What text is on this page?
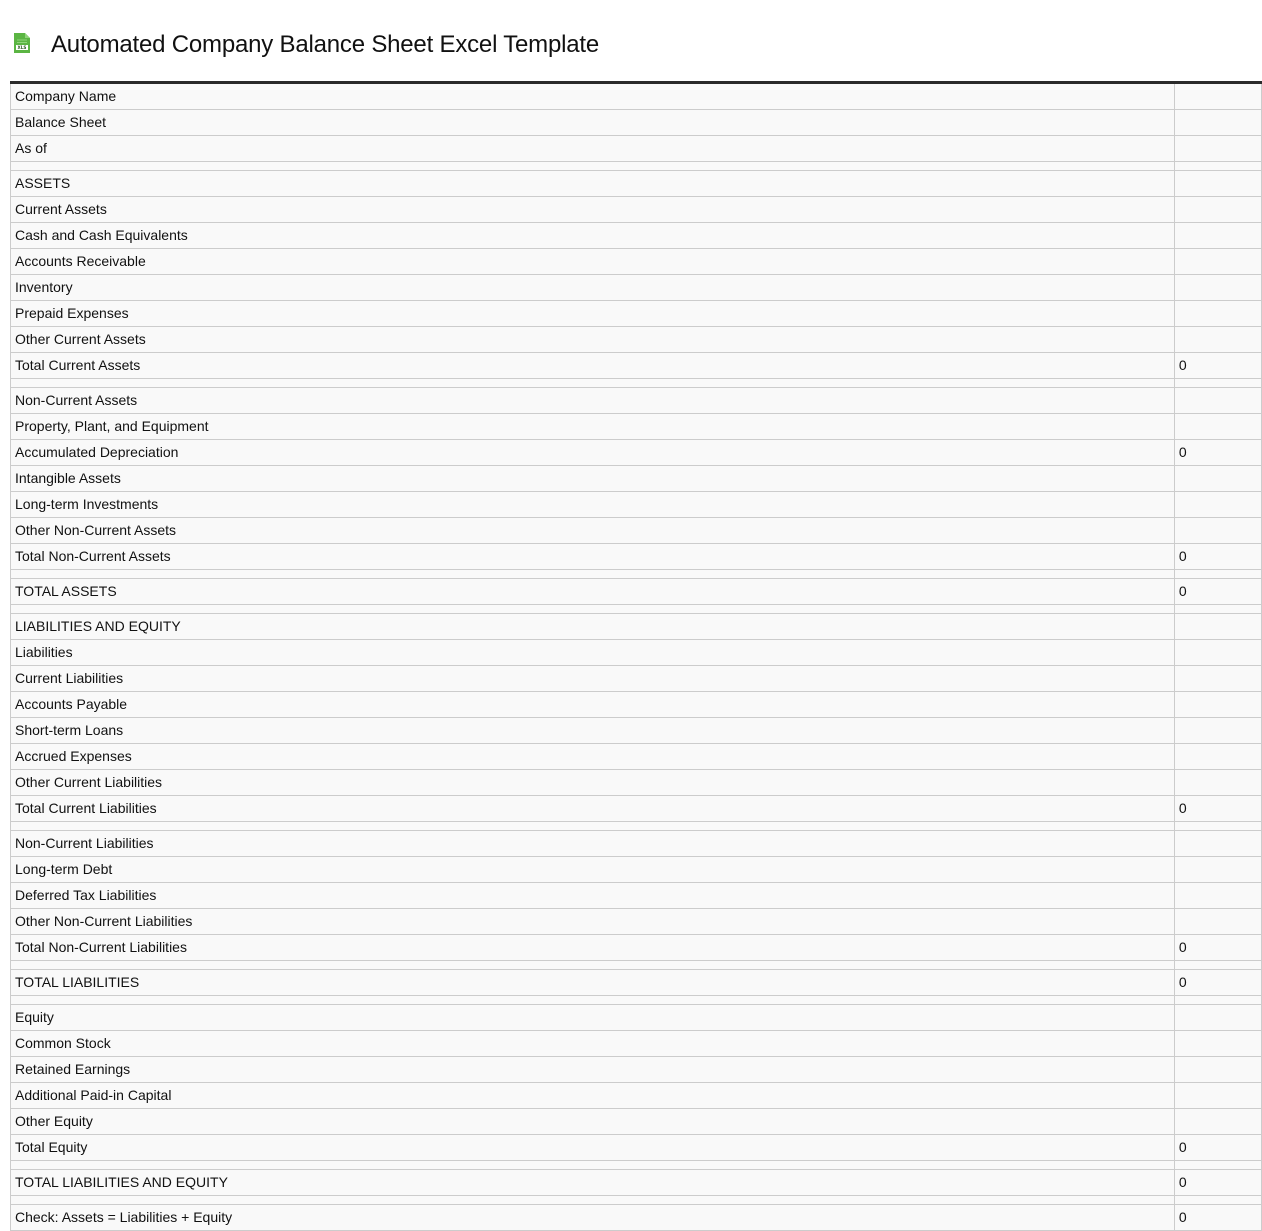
XLS Automated Company Balance Sheet Excel Template
Company Name	
Balance Sheet	
As of	

ASSETS	
Current Assets	
Cash and Cash Equivalents	
Accounts Receivable	
Inventory	
Prepaid Expenses	
Other Current Assets	
Total Current Assets	0

Non-Current Assets	
Property, Plant, and Equipment	
Accumulated Depreciation	0
Intangible Assets	
Long-term Investments	
Other Non-Current Assets	
Total Non-Current Assets	0

TOTAL ASSETS	0

LIABILITIES AND EQUITY	
Liabilities	
Current Liabilities	
Accounts Payable	
Short-term Loans	
Accrued Expenses	
Other Current Liabilities	
Total Current Liabilities	0

Non-Current Liabilities	
Long-term Debt	
Deferred Tax Liabilities	
Other Non-Current Liabilities	
Total Non-Current Liabilities	0

TOTAL LIABILITIES	0

Equity	
Common Stock	
Retained Earnings	
Additional Paid-in Capital	
Other Equity	
Total Equity	0

TOTAL LIABILITIES AND EQUITY	0

Check: Assets = Liabilities + Equity	0
